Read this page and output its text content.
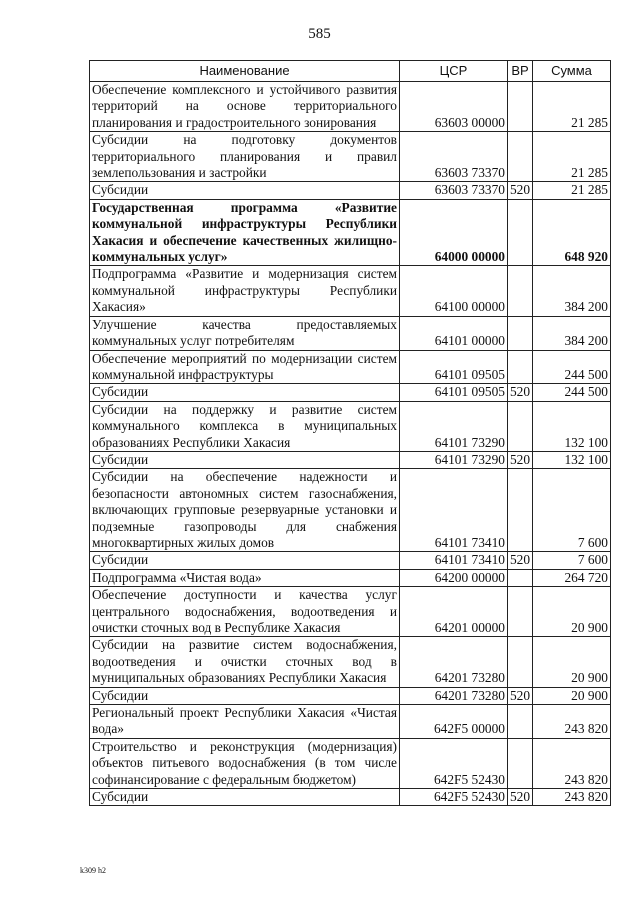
585
Наименование	ЦСР	ВР	Сумма
Обеспечение комплексного и устойчивого развития территорий на основе территориального планирования и градостроительного зонирования	63603 00000		21 285
Субсидии на подготовку документов территориального планирования и правил землепользования и застройки	63603 73370		21 285
Субсидии	63603 73370	520	21 285
Государственная программа «Развитие коммунальной инфраструктуры Республики Хакасия и обеспечение качественных жилищно-коммунальных услуг»	64000 00000		648 920
Подпрограмма «Развитие и модернизация систем коммунальной инфраструктуры Республики Хакасия»	64100 00000		384 200
Улучшение качества предоставляемых коммунальных услуг потребителям	64101 00000		384 200
Обеспечение мероприятий по модернизации систем коммунальной инфраструктуры	64101 09505		244 500
Субсидии	64101 09505	520	244 500
Субсидии на поддержку и развитие систем коммунального комплекса в муниципальных образованиях Республики Хакасия	64101 73290		132 100
Субсидии	64101 73290	520	132 100
Субсидии на обеспечение надежности и безопасности автономных систем газоснабжения, включающих групповые резервуарные установки и подземные газопроводы для снабжения многоквартирных жилых домов	64101 73410		7 600
Субсидии	64101 73410	520	7 600
Подпрограмма «Чистая вода»	64200 00000		264 720
Обеспечение доступности и качества услуг центрального водоснабжения, водоотведения и очистки сточных вод в Республике Хакасия	64201 00000		20 900
Субсидии на развитие систем водоснабжения, водоотведения и очистки сточных вод в муниципальных образованиях Республики Хакасия	64201 73280		20 900
Субсидии	64201 73280	520	20 900
Региональный проект Республики Хакасия «Чистая вода»	642F5 00000		243 820
Строительство и реконструкция (модернизация) объектов питьевого водоснабжения (в том числе софинансирование с федеральным бюджетом)	642F5 52430		243 820
Субсидии	642F5 52430	520	243 820
k309 h2
